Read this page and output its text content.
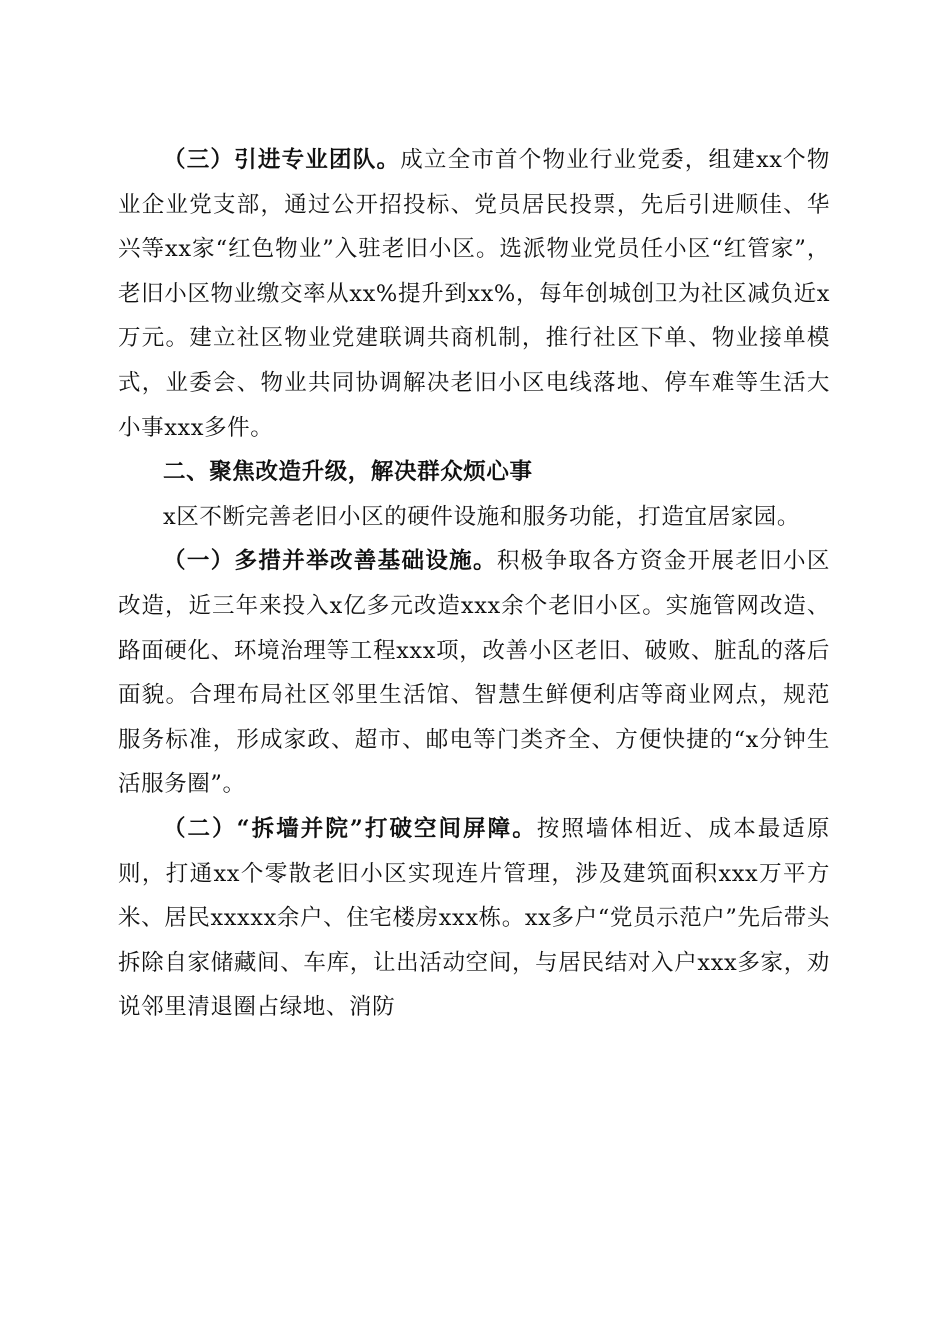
（三）引进专业团队。成立全市首个物业行业党委，组建xx个物业企业党支部，通过公开招投标、党员居民投票，先后引进顺佳、华兴等xx家“红色物业”入驻老旧小区。选派物业党员任小区“红管家”，老旧小区物业缴交率从xx%提升到xx%，每年创城创卫为社区减负近x万元。建立社区物业党建联调共商机制，推行社区下单、物业接单模式，业委会、物业共同协调解决老旧小区电线落地、停车难等生活大小事xxx多件。

二、聚焦改造升级，解决群众烦心事

x区不断完善老旧小区的硬件设施和服务功能，打造宜居家园。

（一）多措并举改善基础设施。积极争取各方资金开展老旧小区改造，近三年来投入x亿多元改造xxx余个老旧小区。实施管网改造、路面硬化、环境治理等工程xxx项，改善小区老旧、破败、脏乱的落后面貌。合理布局社区邻里生活馆、智慧生鲜便利店等商业网点，规范服务标准，形成家政、超市、邮电等门类齐全、方便快捷的“x分钟生活服务圈”。

（二）“拆墙并院”打破空间屏障。按照墙体相近、成本最适原则，打通xx个零散老旧小区实现连片管理，涉及建筑面积xxx万平方米、居民xxxxx余户、住宅楼房xxx栋。xx多户“党员示范户”先后带头拆除自家储藏间、车库，让出活动空间，与居民结对入户xxx多家，劝说邻里清退圈占绿地、消防
